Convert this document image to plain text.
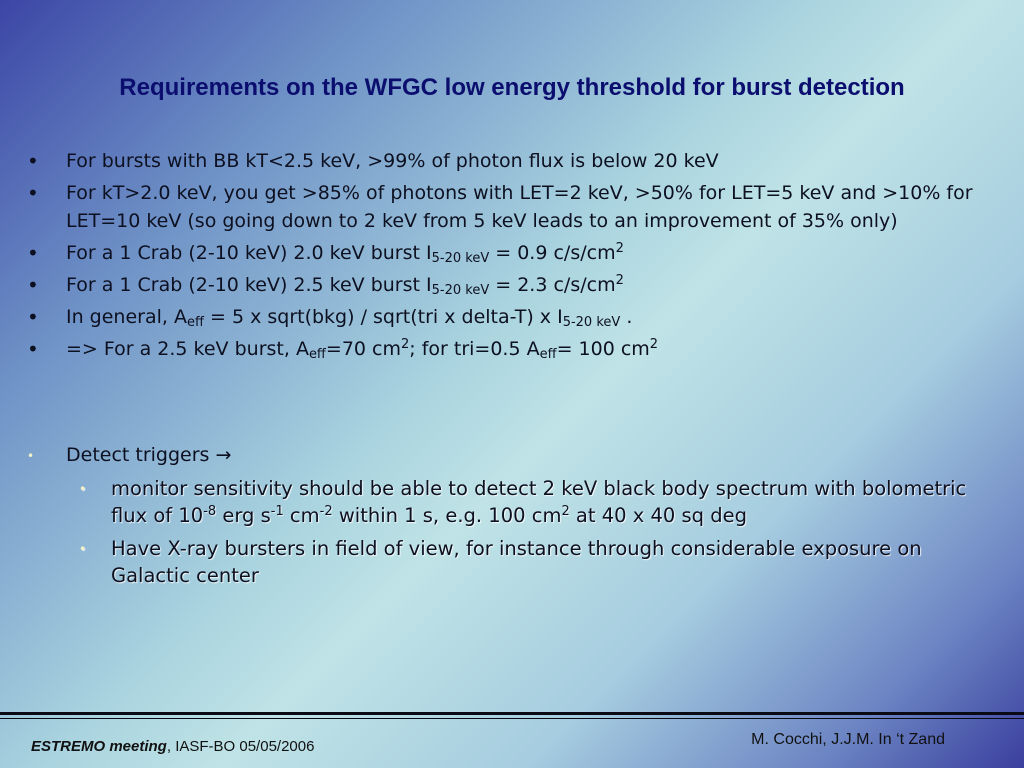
Requirements on the WFGC low energy threshold for burst detection
•	For bursts with BB kT<2.5 keV, >99% of photon flux is below 20 keV
•	For kT>2.0 keV, you get >85% of photons with LET=2 keV, >50% for LET=5 keV and >10% for LET=10 keV (so going down to 2 keV from 5 keV leads to an improvement of 35% only)
•	For a 1 Crab (2-10 keV) 2.0 keV burst $I_{5-20 keV} = 0.9$ $c/s/cm^2$
•	For a 1 Crab (2-10 keV) 2.5 keV burst $I_{5-20 keV} = 2.3$ $c/s/cm^2$
•	In general, $A_{eff} = 5$ x sqrt(bkg) / sqrt(tri x delta-T) x $I_{5-20 keV}$ .
•	=> For a 2.5 keV burst, $A_{eff}=70$ $cm^2$; for tri=0.5 $A_{eff}= 100$ $cm^2$
•	Detect triggers →
•	monitor sensitivity should be able to detect 2 keV black body spectrum with bolometric flux of $10^{-8}$ erg $s^{-1}$ $cm^{-2}$ within 1 s, e.g. 100 $cm^2$ at 40 x 40 sq deg
•	Have X-ray bursters in field of view, for instance through considerable exposure on Galactic center
ESTREMO meeting, IASF-BO 05/05/2006	M. Cocchi, J.J.M. In ‘t Zand
